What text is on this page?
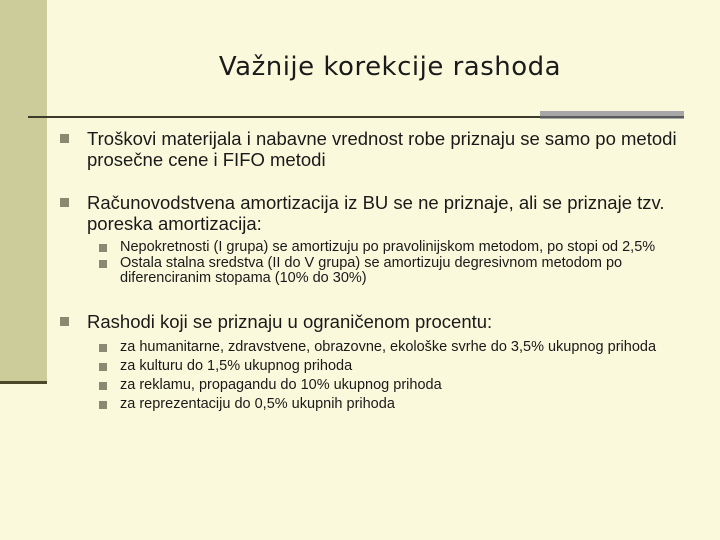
Važnije korekcije rashoda
Troškovi materijala i nabavne vrednost robe priznaju se samo po metodi prosečne cene i FIFO metodi
Računovodstvena amortizacija iz BU se ne priznaje, ali se priznaje tzv. poreska amortizacija:
Nepokretnosti (I grupa) se amortizuju po pravolinijskom metodom, po stopi od 2,5%
Ostala stalna sredstva (II do V grupa) se amortizuju degresivnom metodom po diferenciranim stopama (10% do 30%)
Rashodi koji se priznaju u ograničenom procentu:
za humanitarne, zdravstvene, obrazovne, ekološke svrhe do 3,5% ukupnog prihoda
za kulturu do 1,5% ukupnog prihoda
za reklamu, propagandu do 10% ukupnog prihoda
za reprezentaciju do 0,5% ukupnih prihoda
